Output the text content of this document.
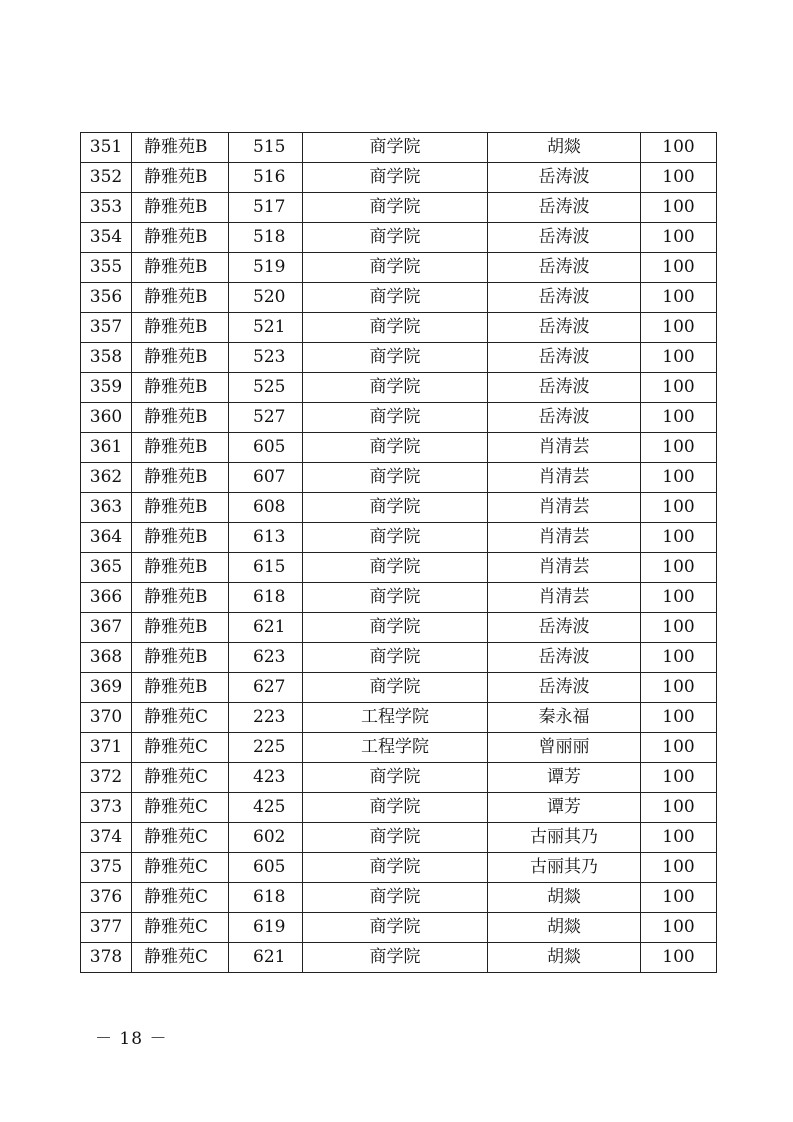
351	静雅苑B	515	商学院	胡燚	100
352	静雅苑B	516	商学院	岳涛波	100
353	静雅苑B	517	商学院	岳涛波	100
354	静雅苑B	518	商学院	岳涛波	100
355	静雅苑B	519	商学院	岳涛波	100
356	静雅苑B	520	商学院	岳涛波	100
357	静雅苑B	521	商学院	岳涛波	100
358	静雅苑B	523	商学院	岳涛波	100
359	静雅苑B	525	商学院	岳涛波	100
360	静雅苑B	527	商学院	岳涛波	100
361	静雅苑B	605	商学院	肖清芸	100
362	静雅苑B	607	商学院	肖清芸	100
363	静雅苑B	608	商学院	肖清芸	100
364	静雅苑B	613	商学院	肖清芸	100
365	静雅苑B	615	商学院	肖清芸	100
366	静雅苑B	618	商学院	肖清芸	100
367	静雅苑B	621	商学院	岳涛波	100
368	静雅苑B	623	商学院	岳涛波	100
369	静雅苑B	627	商学院	岳涛波	100
370	静雅苑C	223	工程学院	秦永福	100
371	静雅苑C	225	工程学院	曾丽丽	100
372	静雅苑C	423	商学院	谭芳	100
373	静雅苑C	425	商学院	谭芳	100
374	静雅苑C	602	商学院	古丽其乃	100
375	静雅苑C	605	商学院	古丽其乃	100
376	静雅苑C	618	商学院	胡燚	100
377	静雅苑C	619	商学院	胡燚	100
378	静雅苑C	621	商学院	胡燚	100
－ 18 －
